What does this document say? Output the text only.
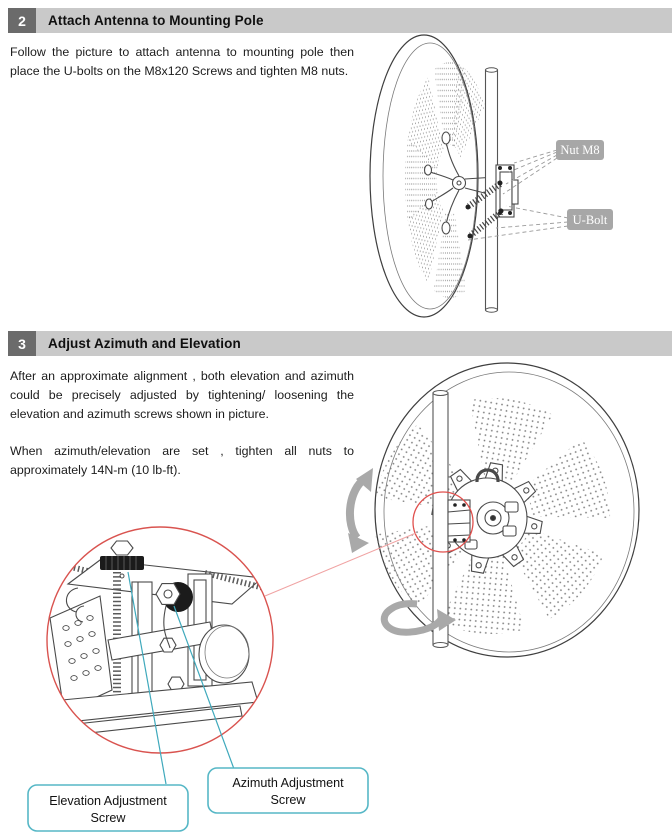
2	Attach Antenna to Mounting Pole

Follow the picture to attach antenna to mounting pole then place the U-bolts on the M8x120 Screws and tighten M8 nuts.

Nut M8
U-Bolt
3	Adjust Azimuth and Elevation

After an approximate alignment , both elevation and azimuth could be precisely adjusted by tightening/ loosening the elevation and azimuth screws shown in picture.

When azimuth/elevation are set , tighten all nuts to approximately 14N-m (10 lb-ft).

Elevation Adjustment
Screw
Azimuth Adjustment
Screw
